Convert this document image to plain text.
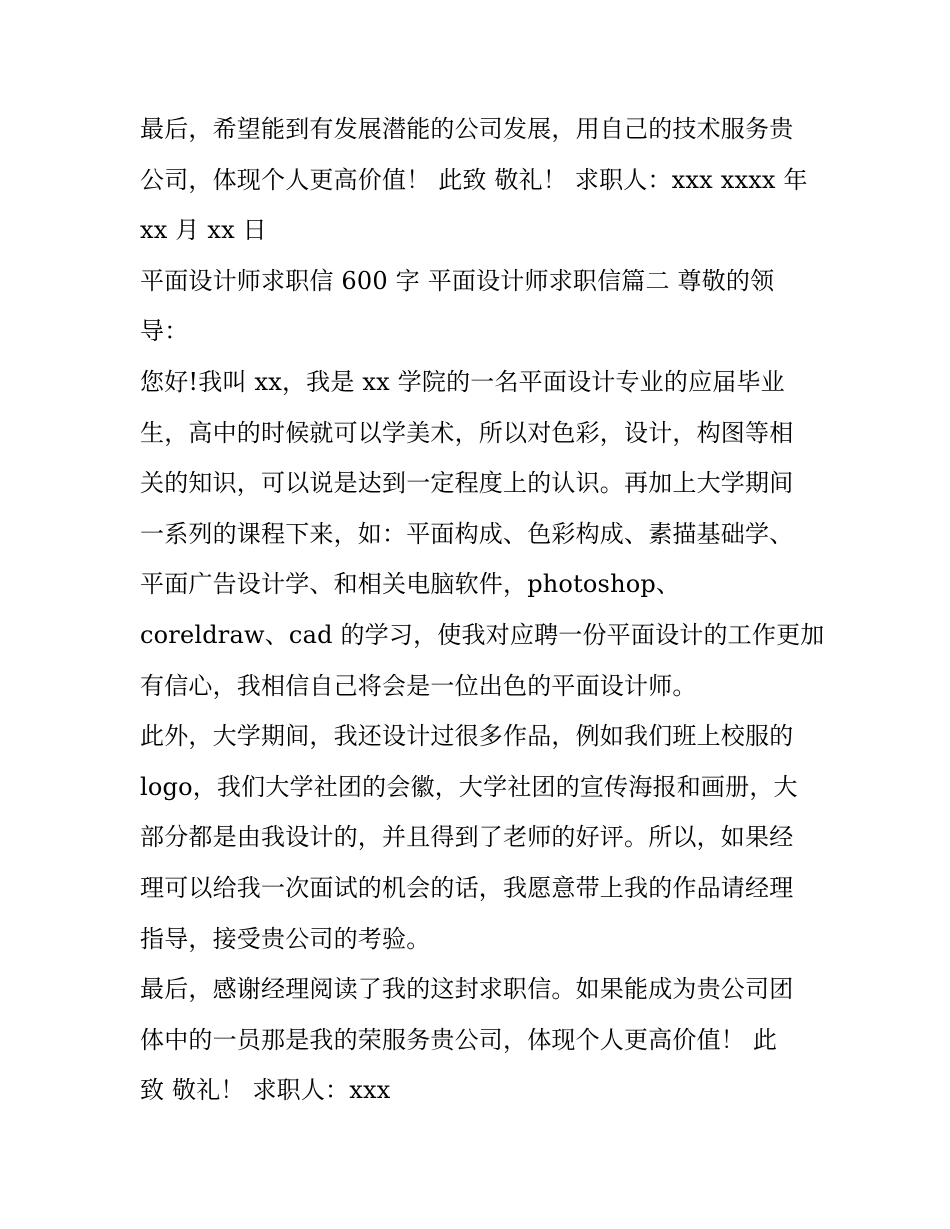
最后，希望能到有发展潜能的公司发展，用自己的技术服务贵
公司，体现个人更高价值！ 此致 敬礼！ 求职人：xxx xxxx 年
xx 月 xx 日
平面设计师求职信 600 字 平面设计师求职信篇二 尊敬的领
导：
您好!我叫 xx，我是 xx 学院的一名平面设计专业的应届毕业
生，高中的时候就可以学美术，所以对色彩，设计，构图等相
关的知识，可以说是达到一定程度上的认识。再加上大学期间
一系列的课程下来，如：平面构成、色彩构成、素描基础学、
平面广告设计学、和相关电脑软件，photoshop、
coreldraw、cad 的学习，使我对应聘一份平面设计的工作更加
有信心，我相信自己将会是一位出色的平面设计师。
此外，大学期间，我还设计过很多作品，例如我们班上校服的
logo，我们大学社团的会徽，大学社团的宣传海报和画册，大
部分都是由我设计的，并且得到了老师的好评。所以，如果经
理可以给我一次面试的机会的话，我愿意带上我的作品请经理
指导，接受贵公司的考验。
最后，感谢经理阅读了我的这封求职信。如果能成为贵公司团
体中的一员那是我的荣服务贵公司，体现个人更高价值！ 此
致 敬礼！ 求职人：xxx
